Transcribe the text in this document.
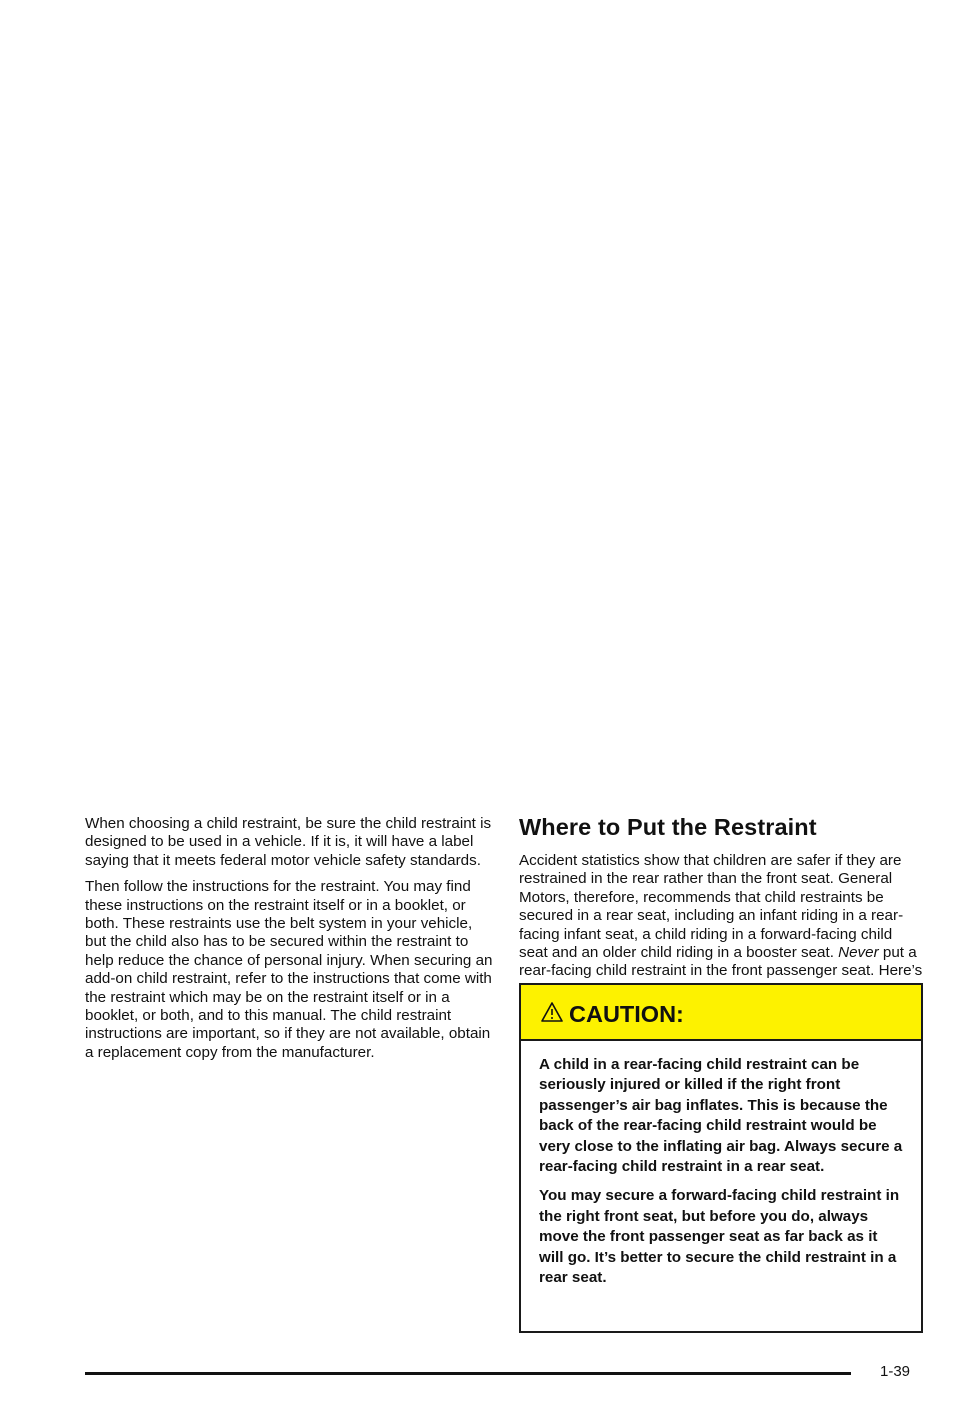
When choosing a child restraint, be sure the child restraint is designed to be used in a vehicle. If it is, it will have a label saying that it meets federal motor vehicle safety standards.

Then follow the instructions for the restraint. You may find these instructions on the restraint itself or in a booklet, or both. These restraints use the belt system in your vehicle, but the child also has to be secured within the restraint to help reduce the chance of personal injury. When securing an add-on child restraint, refer to the instructions that come with the restraint which may be on the restraint itself or in a booklet, or both, and to this manual. The child restraint instructions are important, so if they are not available, obtain a replacement copy from the manufacturer.

Where to Put the Restraint

Accident statistics show that children are safer if they are restrained in the rear rather than the front seat. General Motors, therefore, recommends that child restraints be secured in a rear seat, including an infant riding in a rear-facing infant seat, a child riding in a forward-facing child seat and an older child riding in a booster seat. Never put a rear-facing child restraint in the front passenger seat. Here’s

CAUTION:

A child in a rear-facing child restraint can be seriously injured or killed if the right front passenger’s air bag inflates. This is because the back of the rear-facing child restraint would be very close to the inflating air bag. Always secure a rear-facing child restraint in a rear seat.

You may secure a forward-facing child restraint in the right front seat, but before you do, always move the front passenger seat as far back as it will go. It’s better to secure the child restraint in a rear seat.

1-39
